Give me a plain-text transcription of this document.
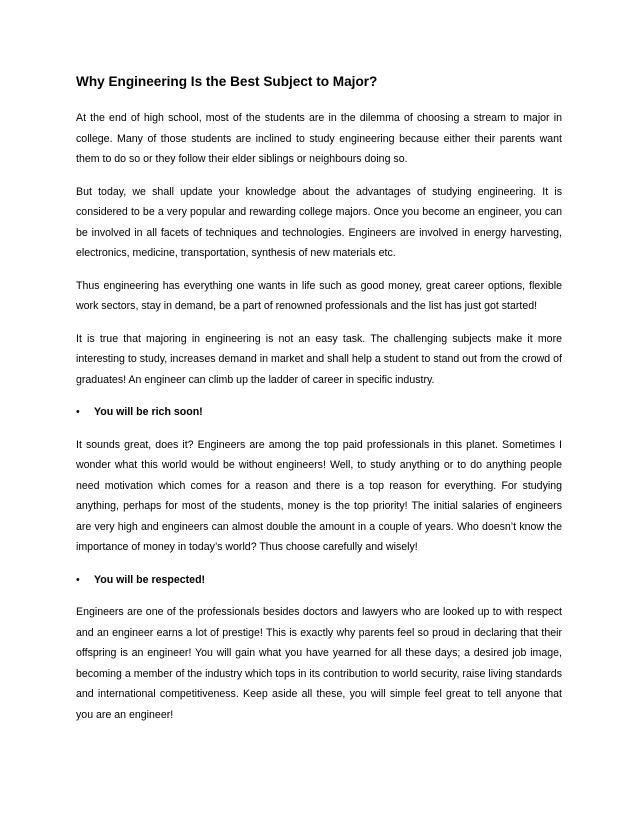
Why Engineering Is the Best Subject to Major?

At the end of high school, most of the students are in the dilemma of choosing a stream to major in college. Many of those students are inclined to study engineering because either their parents want them to do so or they follow their elder siblings or neighbours doing so.

But today, we shall update your knowledge about the advantages of studying engineering. It is considered to be a very popular and rewarding college majors. Once you become an engineer, you can be involved in all facets of techniques and technologies. Engineers are involved in energy harvesting, electronics, medicine, transportation, synthesis of new materials etc.

Thus engineering has everything one wants in life such as good money, great career options, flexible work sectors, stay in demand, be a part of renowned professionals and the list has just got started!

It is true that majoring in engineering is not an easy task. The challenging subjects make it more interesting to study, increases demand in market and shall help a student to stand out from the crowd of graduates! An engineer can climb up the ladder of career in specific industry.

•	You will be rich soon!

It sounds great, does it? Engineers are among the top paid professionals in this planet. Sometimes I wonder what this world would be without engineers! Well, to study anything or to do anything people need motivation which comes for a reason and there is a top reason for everything. For studying anything, perhaps for most of the students, money is the top priority! The initial salaries of engineers are very high and engineers can almost double the amount in a couple of years. Who doesn’t know the importance of money in today’s world? Thus choose carefully and wisely!

•	You will be respected!

Engineers are one of the professionals besides doctors and lawyers who are looked up to with respect and an engineer earns a lot of prestige! This is exactly why parents feel so proud in declaring that their offspring is an engineer! You will gain what you have yearned for all these days; a desired job image, becoming a member of the industry which tops in its contribution to world security, raise living standards and international competitiveness. Keep aside all these, you will simple feel great to tell anyone that you are an engineer!
